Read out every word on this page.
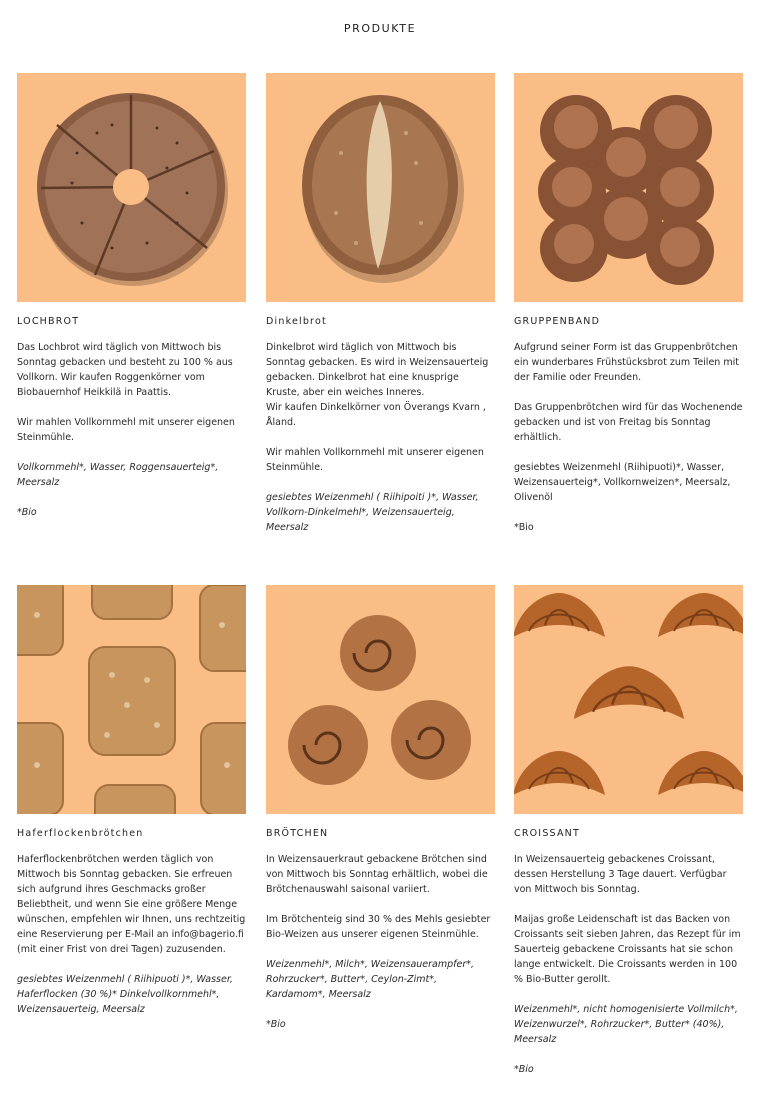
PRODUKTE
LOCHBROT

Das Lochbrot wird täglich von Mittwoch bis Sonntag gebacken und besteht zu 100 % aus Vollkorn. Wir kaufen Roggenkörner vom Biobauernhof Heikkilä in Paattis.

Wir mahlen Vollkornmehl mit unserer eigenen Steinmühle.

Vollkornmehl*, Wasser, Roggensauerteig*, Meersalz

*Bio

Dinkelbrot

Dinkelbrot wird täglich von Mittwoch bis Sonntag gebacken. Es wird in Weizensauerteig gebacken. Dinkelbrot hat eine knusprige Kruste, aber ein weiches Inneres.
Wir kaufen Dinkelkörner von Överangs Kvarn , Åland.

Wir mahlen Vollkornmehl mit unserer eigenen Steinmühle.

gesiebtes Weizenmehl ( Riihipoiti )*, Wasser, Vollkorn-Dinkelmehl*, Weizensauerteig, Meersalz

GRUPPENBAND

Aufgrund seiner Form ist das Gruppenbrötchen ein wunderbares Frühstücksbrot zum Teilen mit der Familie oder Freunden.

Das Gruppenbrötchen wird für das Wochenende gebacken und ist von Freitag bis Sonntag erhältlich.

gesiebtes Weizenmehl (Riihipuoti)*, Wasser, Weizensauerteig*, Vollkornweizen*, Meersalz, Olivenöl

*Bio

Haferflockenbrötchen

Haferflockenbrötchen werden täglich von Mittwoch bis Sonntag gebacken. Sie erfreuen sich aufgrund ihres Geschmacks großer Beliebtheit, und wenn Sie eine größere Menge wünschen, empfehlen wir Ihnen, uns rechtzeitig eine Reservierung per E-Mail an info@bagerio.fi (mit einer Frist von drei Tagen) zuzusenden.

gesiebtes Weizenmehl ( Riihipuoti )*, Wasser, Haferflocken (30 %)* Dinkelvollkornmehl*, Weizensauerteig, Meersalz

BRÖTCHEN

In Weizensauerkraut gebackene Brötchen sind von Mittwoch bis Sonntag erhältlich, wobei die Brötchenauswahl saisonal variiert.

Im Brötchenteig sind 30 % des Mehls gesiebter Bio-Weizen aus unserer eigenen Steinmühle.

Weizenmehl*, Milch*, Weizensauerampfer*, Rohrzucker*, Butter*, Ceylon-Zimt*, Kardamom*, Meersalz

*Bio

CROISSANT

In Weizensauerteig gebackenes Croissant, dessen Herstellung 3 Tage dauert. Verfügbar von Mittwoch bis Sonntag.

Maijas große Leidenschaft ist das Backen von Croissants seit sieben Jahren, das Rezept für im Sauerteig gebackene Croissants hat sie schon lange entwickelt. Die Croissants werden in 100 % Bio-Butter gerollt.

Weizenmehl*, nicht homogenisierte Vollmilch*, Weizenwurzel*, Rohrzucker*, Butter* (40%), Meersalz

*Bio
